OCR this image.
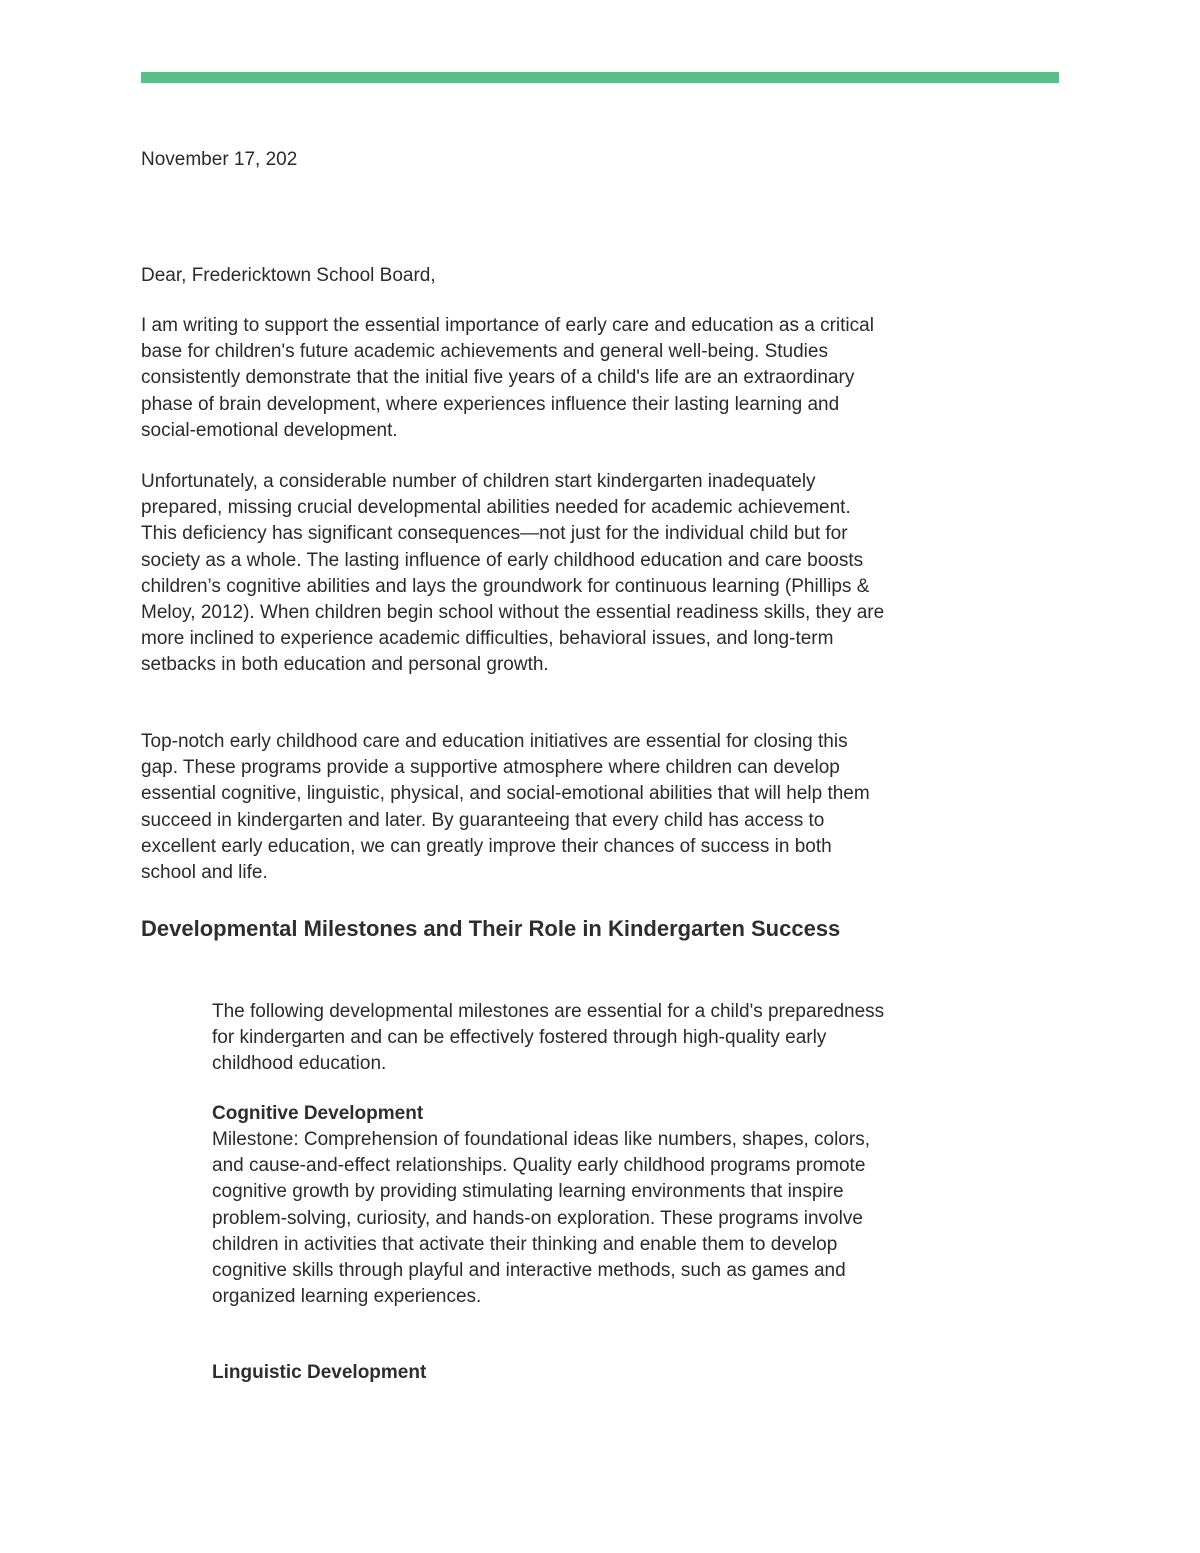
November 17, 202

Dear, Fredericktown School Board,

I am writing to support the essential importance of early care and education as a critical base for children's future academic achievements and general well-being. Studies consistently demonstrate that the initial five years of a child's life are an extraordinary phase of brain development, where experiences influence their lasting learning and social-emotional development.

Unfortunately, a considerable number of children start kindergarten inadequately prepared, missing crucial developmental abilities needed for academic achievement. This deficiency has significant consequences—not just for the individual child but for society as a whole. The lasting influence of early childhood education and care boosts children’s cognitive abilities and lays the groundwork for continuous learning (Phillips & Meloy, 2012). When children begin school without the essential readiness skills, they are more inclined to experience academic difficulties, behavioral issues, and long-term setbacks in both education and personal growth.

Top-notch early childhood care and education initiatives are essential for closing this gap. These programs provide a supportive atmosphere where children can develop essential cognitive, linguistic, physical, and social-emotional abilities that will help them succeed in kindergarten and later. By guaranteeing that every child has access to excellent early education, we can greatly improve their chances of success in both school and life.

Developmental Milestones and Their Role in Kindergarten Success

The following developmental milestones are essential for a child's preparedness for kindergarten and can be effectively fostered through high-quality early childhood education.

Cognitive Development

Milestone: Comprehension of foundational ideas like numbers, shapes, colors, and cause-and-effect relationships. Quality early childhood programs promote cognitive growth by providing stimulating learning environments that inspire problem-solving, curiosity, and hands-on exploration. These programs involve children in activities that activate their thinking and enable them to develop cognitive skills through playful and interactive methods, such as games and organized learning experiences.

Linguistic Development
